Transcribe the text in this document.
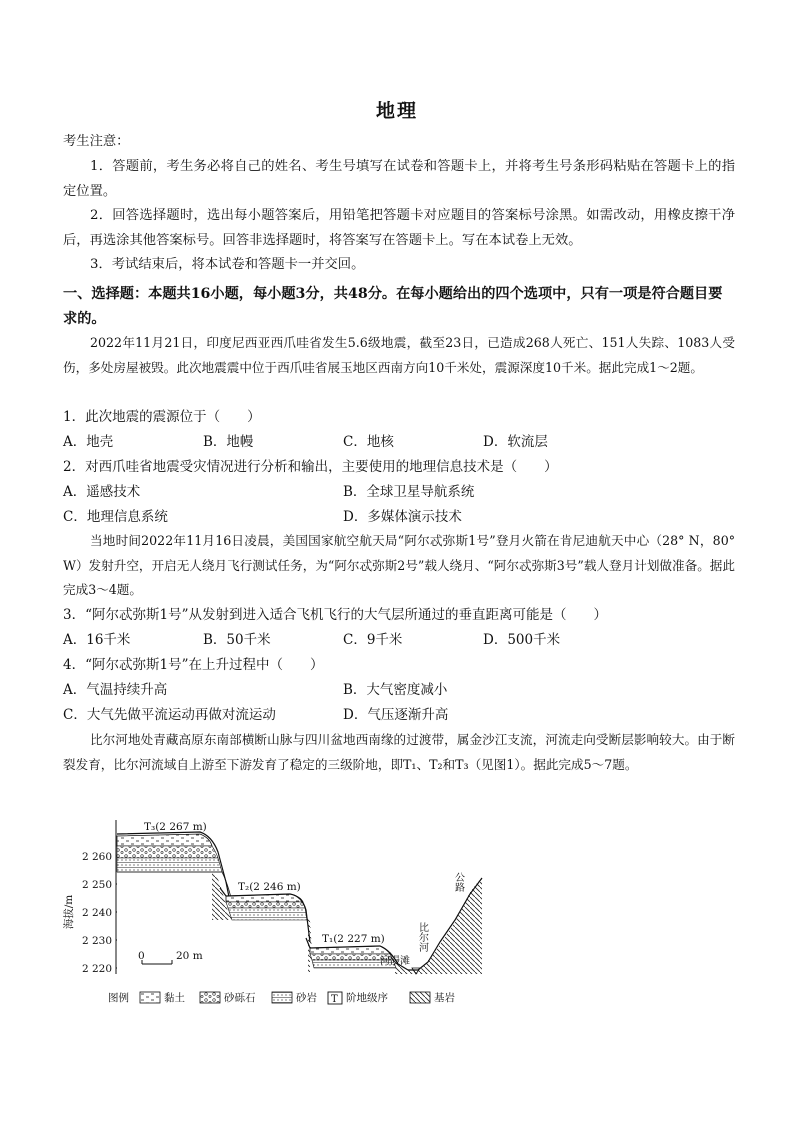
地理
考生注意：

1．答题前，考生务必将自己的姓名、考生号填写在试卷和答题卡上，并将考生号条形码粘贴在答题卡上的指定位置。

2．回答选择题时，选出每小题答案后，用铅笔把答题卡对应题目的答案标号涂黑。如需改动，用橡皮擦干净后，再选涂其他答案标号。回答非选择题时，将答案写在答题卡上。写在本试卷上无效。

3．考试结束后，将本试卷和答题卡一并交回。

一、选择题：本题共16小题，每小题3分，共48分。在每小题给出的四个选项中，只有一项是符合题目要求的。
2022年11月21日，印度尼西亚西爪哇省发生5.6级地震，截至23日，已造成268人死亡、151人失踪、1083人受伤，多处房屋被毁。此次地震震中位于西爪哇省展玉地区西南方向10千米处，震源深度10千米。据此完成1～2题。
1．此次地震的震源位于（　　）
A．地壳	B．地幔	C．地核	D．软流层
2．对西爪哇省地震受灾情况进行分析和输出，主要使用的地理信息技术是（　　）
A．遥感技术	B．全球卫星导航系统
C．地理信息系统	D．多媒体演示技术
当地时间2022年11月16日凌晨，美国国家航空航天局“阿尔忒弥斯1号”登月火箭在肯尼迪航天中心（28° N，80° W）发射升空，开启无人绕月飞行测试任务，为“阿尔忒弥斯2号”载人绕月、“阿尔忒弥斯3号”载人登月计划做准备。据此完成3～4题。
3．“阿尔忒弥斯1号”从发射到进入适合飞机飞行的大气层所通过的垂直距离可能是（　　）
A．16千米	B．50千米	C．9千米	D．500千米
4．“阿尔忒弥斯1号”在上升过程中（　　）
A．气温持续升高	B．大气密度减小
C．大气先做平流运动再做对流运动	D．气压逐渐升高
比尔河地处青藏高原东南部横断山脉与四川盆地西南缘的过渡带，属金沙江支流，河流走向受断层影响较大。由于断裂发育，比尔河流域自上游至下游发育了稳定的三级阶地，即T₁、T₂和T₃（见图1）。据此完成5～7题。
2 260
2 250
2 240
2 230
2 220
海拔/m
T₃(2 267 m)
T₂(2 246 m)
T₁(2 227 m)
河漫滩
比尔河
公路
0	20 m
图例	黏土	砂砾石	砂岩 T 阶地级序	基岩
